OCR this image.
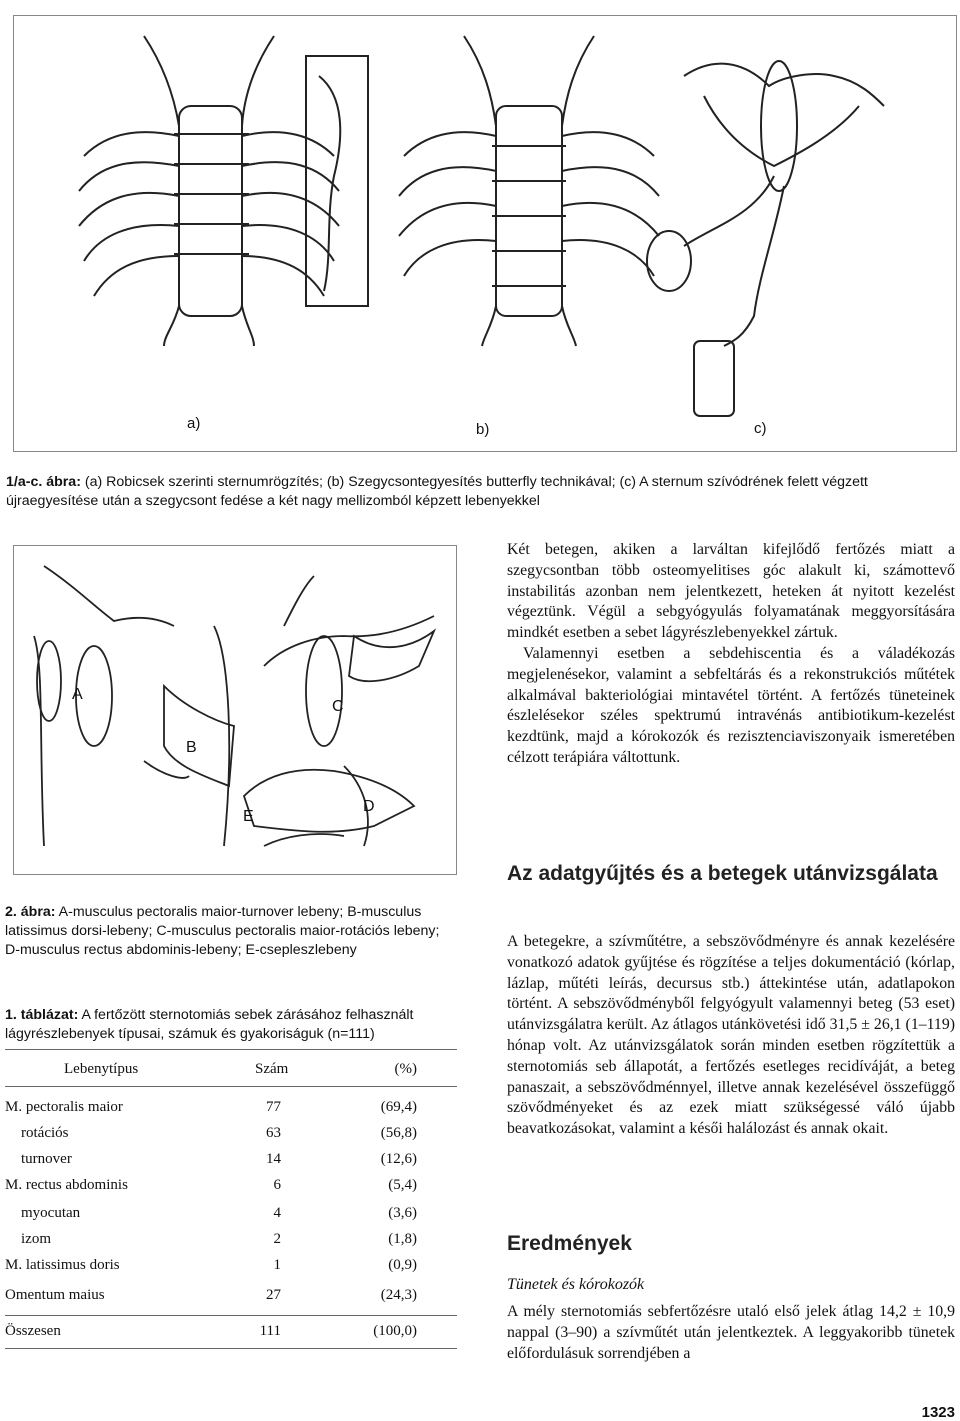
a)	b)	c)
1/a-c. ábra: (a) Robicsek szerinti sternumrögzítés; (b) Szegycsontegyesítés butterfly technikával; (c) A sternum szívódrének felett végzett újraegyesítése után a szegycsont fedése a két nagy mellizomból képzett lebenyekkel
A
B
C
D
E
2. ábra: A-musculus pectoralis maior-turnover lebeny; B-musculus latissimus dorsi-lebeny; C-musculus pectoralis maior-rotációs lebeny; D-musculus rectus abdominis-lebeny; E-csepleszlebeny
1. táblázat: A fertőzött sternotomiás sebek zárásához felhasznált lágyrészlebenyek típusai, számuk és gyakoriságuk (n=111)
Lebenytípus	Szám	(%)
M. pectoralis maior	77	(69,4)
rotációs	63	(56,8)
turnover	14	(12,6)
M. rectus abdominis	6	(5,4)
myocutan	4	(3,6)
izom	2	(1,8)
M. latissimus doris	1	(0,9)
Omentum maius	27	(24,3)
Összesen	111	(100,0)

Két betegen, akiken a larváltan kifejlődő fertőzés miatt a szegycsontban több osteomyelitises góc alakult ki, számottevő instabilitás azonban nem jelentkezett, heteken át nyitott kezelést végeztünk. Végül a sebgyógyulás folyamatának meggyorsítására mindkét esetben a sebet lágyrészlebenyekkel zártuk.

Valamennyi esetben a sebdehiscentia és a váladékozás megjelenésekor, valamint a sebfeltárás és a rekonstrukciós műtétek alkalmával bakteriológiai mintavétel történt. A fertőzés tüneteinek észlelésekor széles spektrumú intravénás antibiotikum-kezelést kezdtünk, majd a kórokozók és rezisztenciaviszonyaik ismeretében célzott terápiára váltottunk.

Az adatgyűjtés és a betegek utánvizsgálata

A betegekre, a szívműtétre, a sebszövődményre és annak kezelésére vonatkozó adatok gyűjtése és rögzítése a teljes dokumentáció (kórlap, lázlap, műtéti leírás, decursus stb.) áttekintése után, adatlapokon történt. A sebszövődményből felgyógyult valamennyi beteg (53 eset) utánvizsgálatra került. Az átlagos utánkövetési idő 31,5 ± 26,1 (1–119) hónap volt. Az utánvizsgálatok során minden esetben rögzítettük a sternotomiás seb állapotát, a fertőzés esetleges recidíváját, a beteg panaszait, a sebszövődménnyel, illetve annak kezelésével összefüggő szövődményeket és az ezek miatt szükségessé váló újabb beavatkozásokat, valamint a késői halálozást és annak okait.

Eredmények
Tünetek és kórokozók

A mély sternotomiás sebfertőzésre utaló első jelek átlag 14,2 ± 10,9 nappal (3–90) a szívműtét után jelentkeztek. A leggyakoribb tünetek előfordulásuk sorrendjében a

1323
